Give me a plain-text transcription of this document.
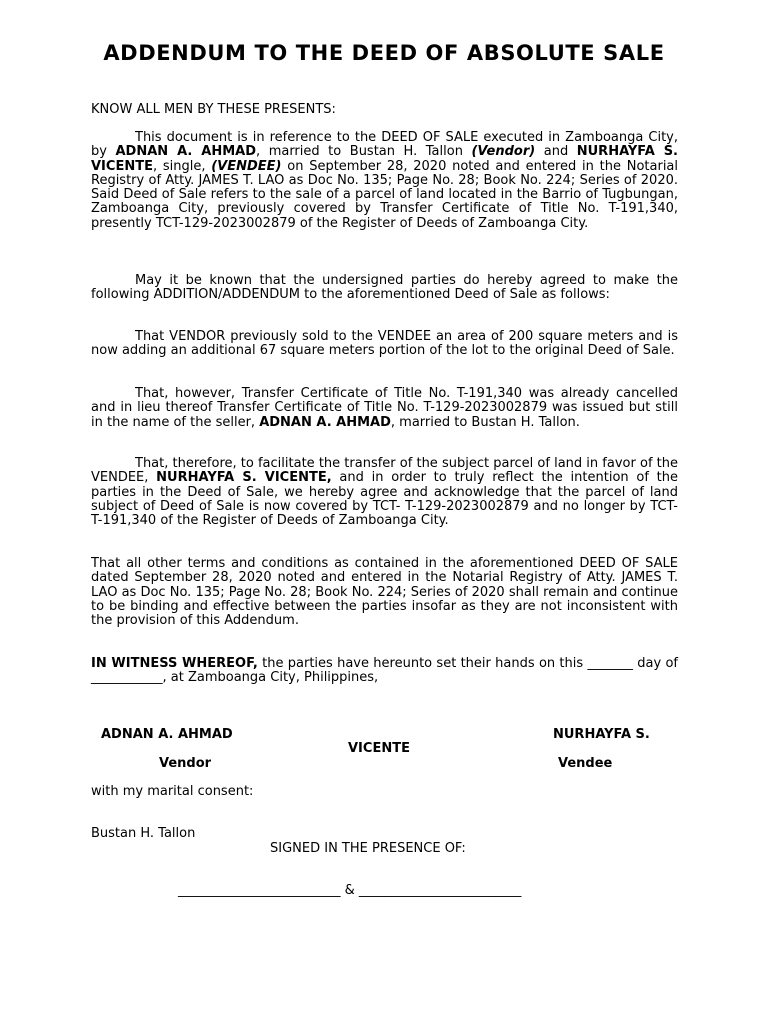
ADDENDUM TO THE DEED OF ABSOLUTE SALE

KNOW ALL MEN BY THESE PRESENTS:

This document is in reference to the DEED OF SALE executed in Zamboanga City, by ADNAN A. AHMAD, married to Bustan H. Tallon (Vendor) and NURHAYFA S. VICENTE, single, (VENDEE) on September 28, 2020 noted and entered in the Notarial Registry of Atty. JAMES T. LAO as Doc No. 135; Page No. 28; Book No. 224; Series of 2020. Said Deed of Sale refers to the sale of a parcel of land located in the Barrio of Tugbungan, Zamboanga City, previously covered by Transfer Certificate of Title No. T-191,340, presently TCT-129-2023002879 of the Register of Deeds of Zamboanga City.

May it be known that the undersigned parties do hereby agreed to make the following ADDITION/ADDENDUM to the aforementioned Deed of Sale as follows:

That VENDOR previously sold to the VENDEE an area of 200 square meters and is now adding an additional 67 square meters portion of the lot to the original Deed of Sale.

That, however, Transfer Certificate of Title No. T-191,340 was already cancelled and in lieu thereof Transfer Certificate of Title No. T-129-2023002879 was issued but still in the name of the seller, ADNAN A. AHMAD, married to Bustan H. Tallon.

That, therefore, to facilitate the transfer of the subject parcel of land in favor of the VENDEE, NURHAYFA S. VICENTE, and in order to truly reflect the intention of the parties in the Deed of Sale, we hereby agree and acknowledge that the parcel of land subject of Deed of Sale is now covered by TCT- T-129-2023002879 and no longer by TCT- T-191,340 of the Register of Deeds of Zamboanga City.

That all other terms and conditions as contained in the aforementioned DEED OF SALE dated September 28, 2020 noted and entered in the Notarial Registry of Atty. JAMES T. LAO as Doc No. 135; Page No. 28; Book No. 224; Series of 2020 shall remain and continue to be binding and effective between the parties insofar as they are not inconsistent with the provision of this Addendum.

IN WITNESS WHEREOF, the parties have hereunto set their hands on this _______ day of ___________, at Zamboanga City, Philippines,

ADNAN A. AHMAD	NURHAYFA S.

VICENTE

Vendor	Vendee

with my marital consent:

Bustan H. Tallon

SIGNED IN THE PRESENCE OF:

_________________________ & _________________________
